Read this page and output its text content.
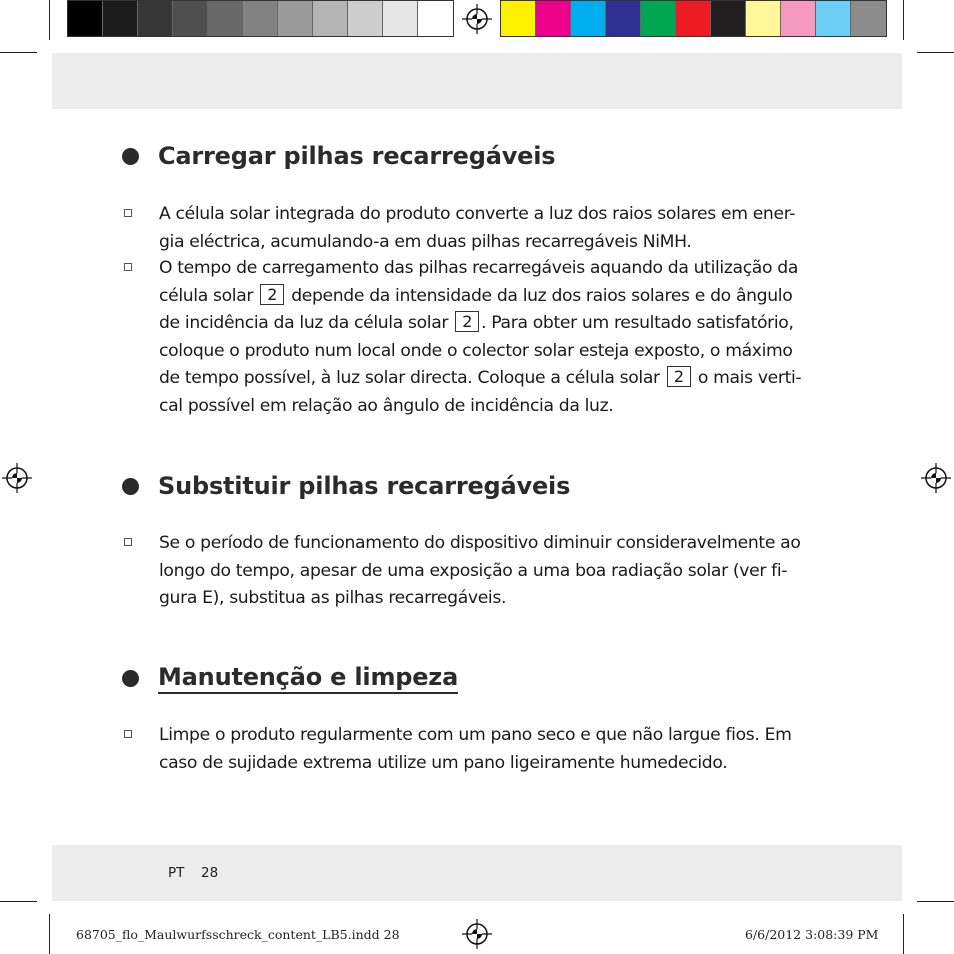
Carregar pilhas recarregáveis
A célula solar integrada do produto converte a luz dos raios solares em ener-
gia eléctrica, acumulando-a em duas pilhas recarregáveis NiMH.
O tempo de carregamento das pilhas recarregáveis aquando da utilização da
célula solar 2 depende da intensidade da luz dos raios solares e do ângulo
de incidência da luz da célula solar 2 . Para obter um resultado satisfatório,
coloque o produto num local onde o colector solar esteja exposto, o máximo
de tempo possível, à luz solar directa. Coloque a célula solar 2 o mais verti-
cal possível em relação ao ângulo de incidência da luz.
Substituir pilhas recarregáveis
Se o período de funcionamento do dispositivo diminuir consideravelmente ao
longo do tempo, apesar de uma exposição a uma boa radiação solar (ver fi-
gura E), substitua as pilhas recarregáveis.
Manutenção e limpeza
Limpe o produto regularmente com um pano seco e que não largue fios. Em
caso de sujidade extrema utilize um pano ligeiramente humedecido.
PT 28
68705_flo_Maulwurfsschreck_content_LB5.indd 28	6/6/2012 3:08:39 PM
